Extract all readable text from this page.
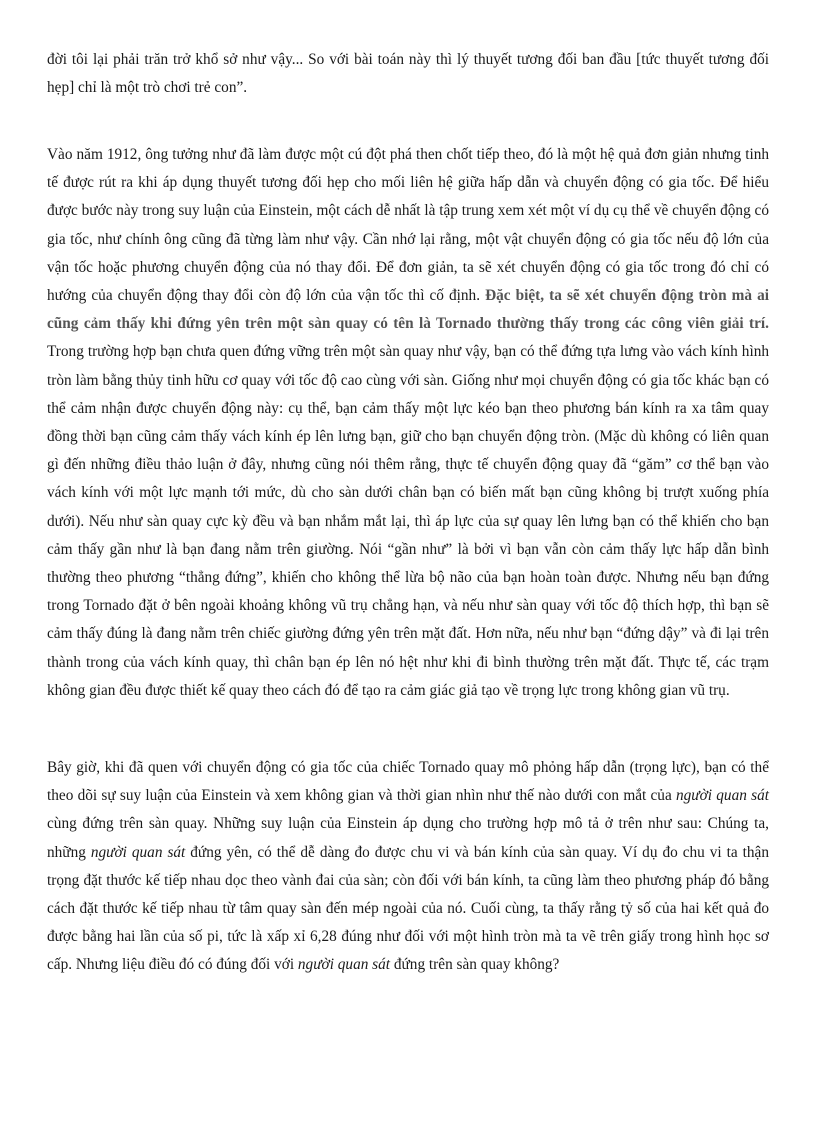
đời tôi lại phải trăn trở khổ sở như vậy... So với bài toán này thì lý thuyết tương đối ban đầu [tức thuyết tương đối hẹp] chỉ là một trò chơi trẻ con”.

Vào năm 1912, ông tưởng như đã làm được một cú đột phá then chốt tiếp theo, đó là một hệ quả đơn giản nhưng tinh tế được rút ra khi áp dụng thuyết tương đối hẹp cho mối liên hệ giữa hấp dẫn và chuyển động có gia tốc. Để hiểu được bước này trong suy luận của Einstein, một cách dễ nhất là tập trung xem xét một ví dụ cụ thể về chuyển động có gia tốc, như chính ông cũng đã từng làm như vậy. Cần nhớ lại rằng, một vật chuyển động có gia tốc nếu độ lớn của vận tốc hoặc phương chuyển động của nó thay đổi. Để đơn giản, ta sẽ xét chuyển động có gia tốc trong đó chỉ có hướng của chuyển động thay đổi còn độ lớn của vận tốc thì cố định. Đặc biệt, ta sẽ xét chuyển động tròn mà ai cũng cảm thấy khi đứng yên trên một sàn quay có tên là Tornado thường thấy trong các công viên giải trí. Trong trường hợp bạn chưa quen đứng vững trên một sàn quay như vậy, bạn có thể đứng tựa lưng vào vách kính hình tròn làm bằng thủy tinh hữu cơ quay với tốc độ cao cùng với sàn. Giống như mọi chuyển động có gia tốc khác bạn có thể cảm nhận được chuyển động này: cụ thể, bạn cảm thấy một lực kéo bạn theo phương bán kính ra xa tâm quay đồng thời bạn cũng cảm thấy vách kính ép lên lưng bạn, giữ cho bạn chuyển động tròn. (Mặc dù không có liên quan gì đến những điều thảo luận ở đây, nhưng cũng nói thêm rằng, thực tế chuyển động quay đã “găm” cơ thể bạn vào vách kính với một lực mạnh tới mức, dù cho sàn dưới chân bạn có biến mất bạn cũng không bị trượt xuống phía dưới). Nếu như sàn quay cực kỳ đều và bạn nhắm mắt lại, thì áp lực của sự quay lên lưng bạn có thể khiến cho bạn cảm thấy gần như là bạn đang nằm trên giường. Nói “gần như” là bởi vì bạn vẫn còn cảm thấy lực hấp dẫn bình thường theo phương “thẳng đứng”, khiến cho không thể lừa bộ não của bạn hoàn toàn được. Nhưng nếu bạn đứng trong Tornado đặt ở bên ngoài khoảng không vũ trụ chẳng hạn, và nếu như sàn quay với tốc độ thích hợp, thì bạn sẽ cảm thấy đúng là đang nằm trên chiếc giường đứng yên trên mặt đất. Hơn nữa, nếu như bạn “đứng dậy” và đi lại trên thành trong của vách kính quay, thì chân bạn ép lên nó hệt như khi đi bình thường trên mặt đất. Thực tế, các trạm không gian đều được thiết kế quay theo cách đó để tạo ra cảm giác giả tạo về trọng lực trong không gian vũ trụ.

Bây giờ, khi đã quen với chuyển động có gia tốc của chiếc Tornado quay mô phỏng hấp dẫn (trọng lực), bạn có thể theo dõi sự suy luận của Einstein và xem không gian và thời gian nhìn như thế nào dưới con mắt của người quan sát cùng đứng trên sàn quay. Những suy luận của Einstein áp dụng cho trường hợp mô tả ở trên như sau: Chúng ta, những người quan sát đứng yên, có thể dễ dàng đo được chu vi và bán kính của sàn quay. Ví dụ đo chu vi ta thận trọng đặt thước kế tiếp nhau dọc theo vành đai của sàn; còn đối với bán kính, ta cũng làm theo phương pháp đó bằng cách đặt thước kế tiếp nhau từ tâm quay sàn đến mép ngoài của nó. Cuối cùng, ta thấy rằng tỷ số của hai kết quả đo được bằng hai lần của số pi, tức là xấp xỉ 6,28 đúng như đối với một hình tròn mà ta vẽ trên giấy trong hình học sơ cấp. Nhưng liệu điều đó có đúng đối với người quan sát đứng trên sàn quay không?
